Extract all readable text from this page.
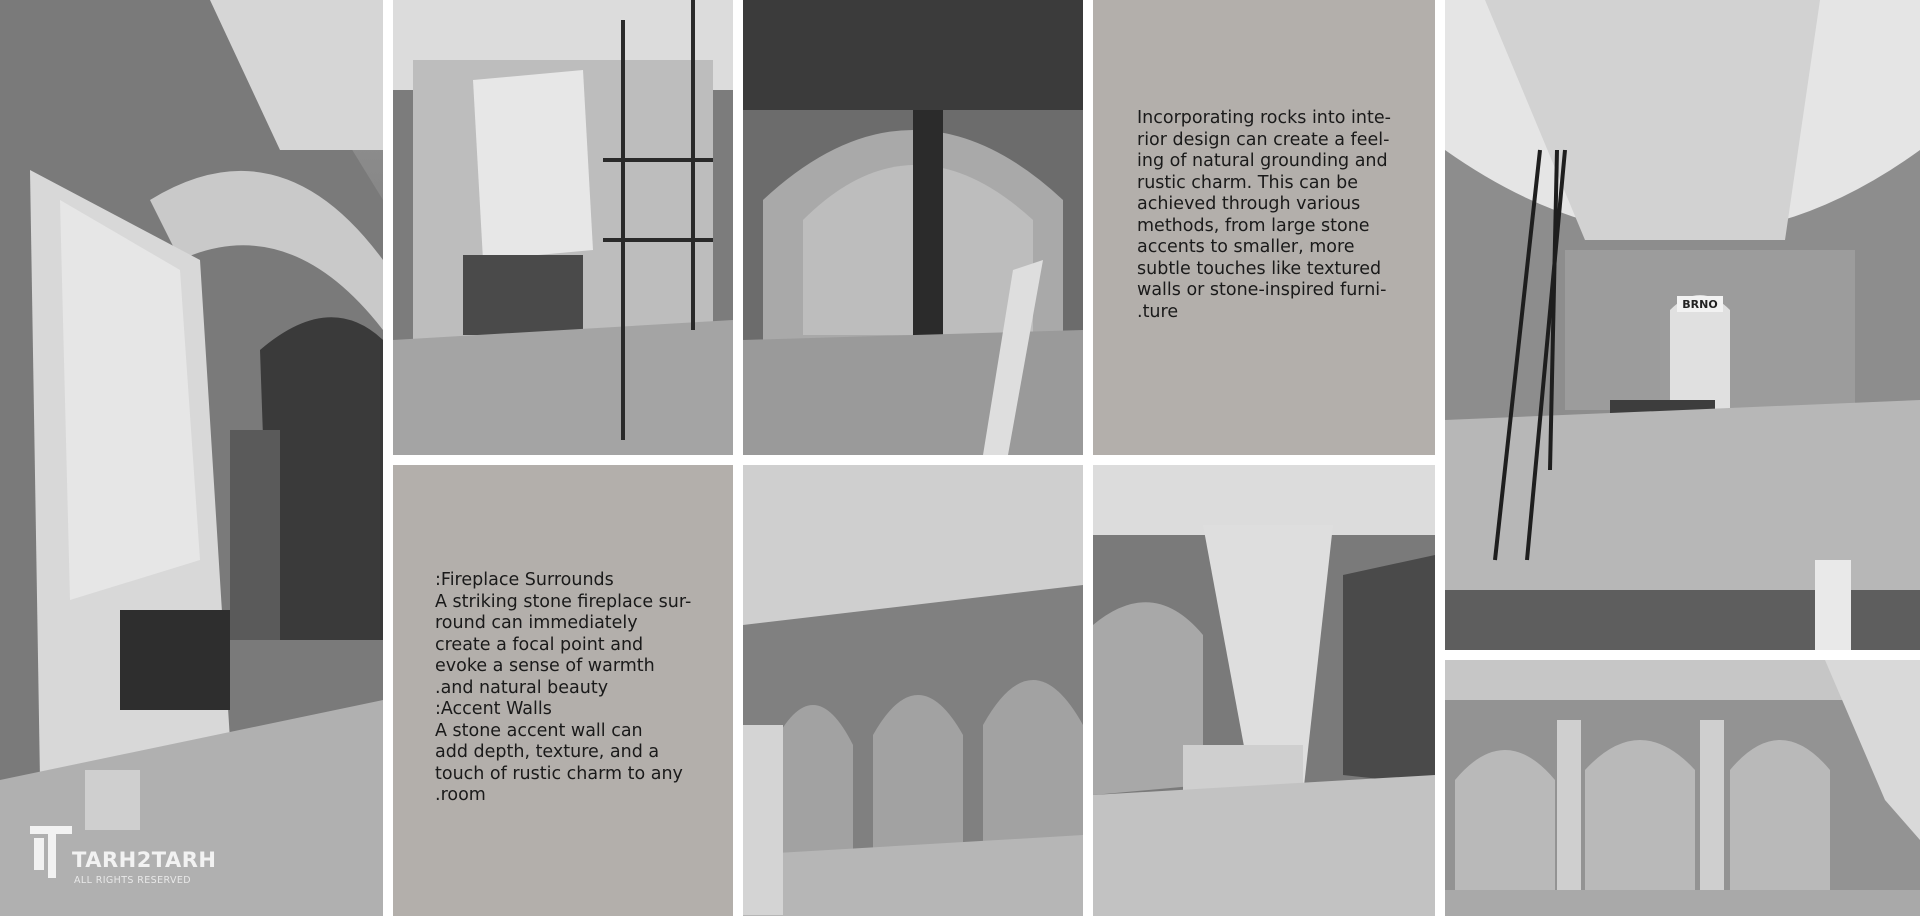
Incorporating rocks into inte-
rior design can create a feel-
ing of natural grounding and
rustic charm. This can be
achieved through various
methods, from large stone
accents to smaller, more
subtle touches like textured
walls or stone-inspired furni-
.ture	BRNO
:Fireplace Surrounds
A striking stone fireplace sur-
round can immediately
create a focal point and
evoke a sense of warmth
.and natural beauty
:Accent Walls
A stone accent wall can
add depth, texture, and a
touch of rustic charm to any
.room
TARH2TARH
ALL RIGHTS RESERVED
